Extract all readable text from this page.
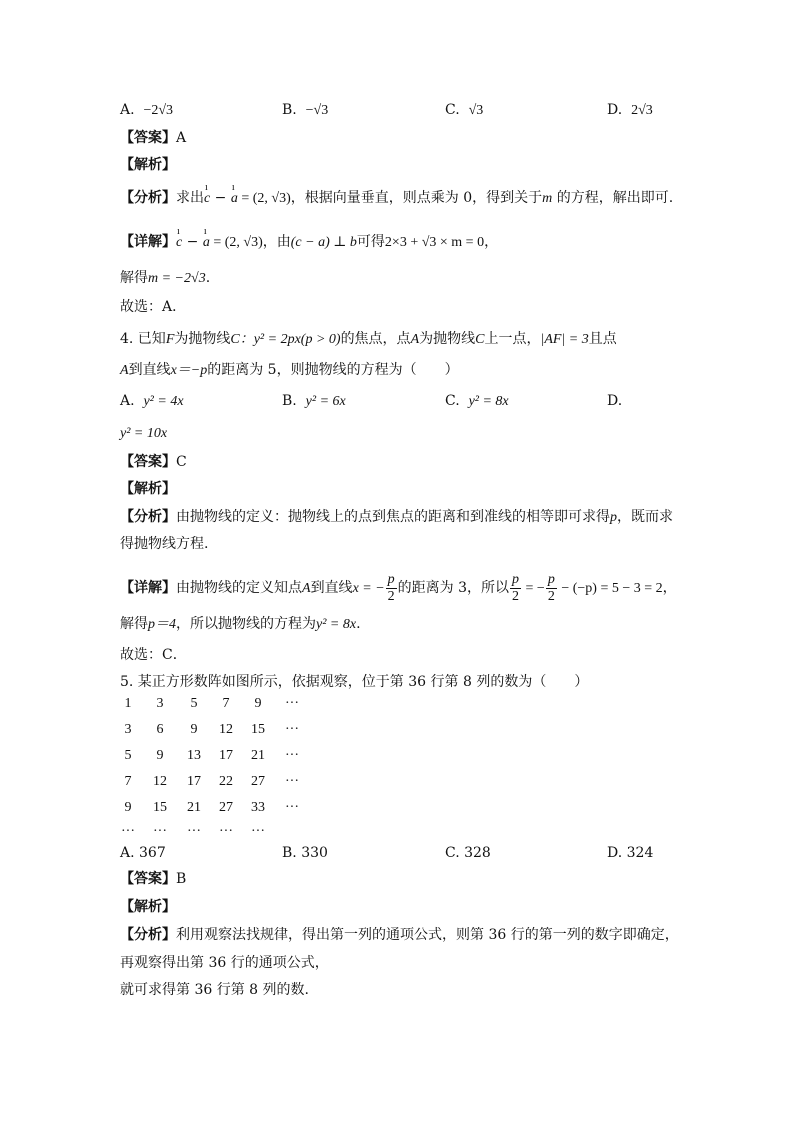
A. −2√3	B. −√3	C. √3	D. 2√3
【答案】A
【解析】
【分析】求出ı c − ı a = (2, √3)，根据向量垂直，则点乘为 0，得到关于m 的方程，解出即可.
【详解】ı c − ı a = (2, √3)，由(c − a) ⊥ b可得2×3 + √3 × m = 0，
解得m = −2√3.
故选：A．
4. 已知F为抛物线C：y² = 2px(p > 0)的焦点，点A为抛物线C上一点，|AF| = 3且点
A到直线x＝−p的距离为 5，则抛物线的方程为（　　）
A. y² = 4x	B. y² = 6x	C. y² = 8x	D.
y² = 10x
【答案】C
【解析】
【分析】由抛物线的定义：抛物线上的点到焦点的距离和到准线的相等即可求得p，既而求
得抛物线方程.
【详解】由抛物线的定义知点A到直线x = − $\frac{p}{2}$ 的距离为 3，所以 $\frac{p}{2}$ = − $\frac{p}{2} - (-p) = 5 - 3 = 2$，
解得p＝4，所以抛物线的方程为y² = 8x.
故选：C．
5. 某正方形数阵如图所示，依据观察，位于第 36 行第 8 列的数为（　　）
1	3	5	7	9	···
3	6	9	12	15	···
5	9	13	17	21	···
7	12	17	22	27	···
9	15	21	27	33	···
···	···	···	···	···
A. 367	B. 330	C. 328	D. 324
【答案】B
【解析】
【分析】利用观察法找规律，得出第一列的通项公式，则第 36 行的第一列的数字即确定，
再观察得出第 36 行的通项公式，
就可求得第 36 行第 8 列的数.
